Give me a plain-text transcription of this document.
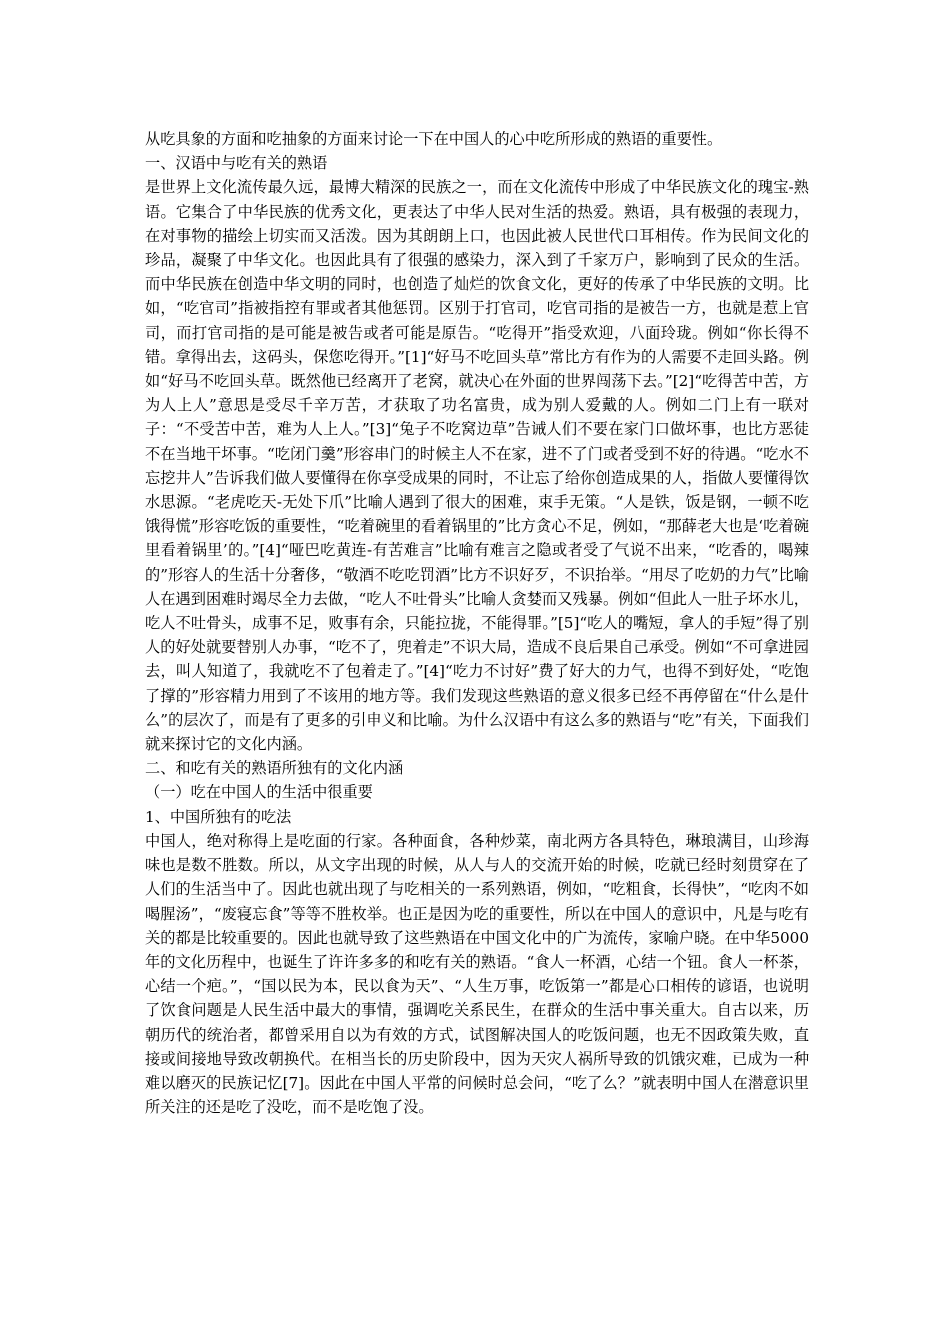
从吃具象的方面和吃抽象的方面来讨论一下在中国人的心中吃所形成的熟语的重要性。

一、汉语中与吃有关的熟语

是世界上文化流传最久远，最博大精深的民族之一，而在文化流传中形成了中华民族文化的瑰宝-熟语。它集合了中华民族的优秀文化，更表达了中华人民对生活的热爱。熟语，具有极强的表现力，在对事物的描绘上切实而又活泼。因为其朗朗上口，也因此被人民世代口耳相传。作为民间文化的珍品，凝聚了中华文化。也因此具有了很强的感染力，深入到了千家万户，影响到了民众的生活。而中华民族在创造中华文明的同时，也创造了灿烂的饮食文化，更好的传承了中华民族的文明。比如，“吃官司”指被指控有罪或者其他惩罚。区别于打官司，吃官司指的是被告一方，也就是惹上官司，而打官司指的是可能是被告或者可能是原告。“吃得开”指受欢迎，八面玲珑。例如“你长得不错。拿得出去，这码头，保您吃得开。”[1]“好马不吃回头草”常比方有作为的人需要不走回头路。例如“好马不吃回头草。既然他已经离开了老窝，就决心在外面的世界闯荡下去。”[2]“吃得苦中苦，方为人上人”意思是受尽千辛万苦，才获取了功名富贵，成为别人爱戴的人。例如二门上有一联对子：“不受苦中苦，难为人上人。”[3]“兔子不吃窝边草”告诫人们不要在家门口做坏事，也比方恶徒不在当地干坏事。“吃闭门羹”形容串门的时候主人不在家，进不了门或者受到不好的待遇。“吃水不忘挖井人”告诉我们做人要懂得在你享受成果的同时，不让忘了给你创造成果的人，指做人要懂得饮水思源。“老虎吃天-无处下爪”比喻人遇到了很大的困难，束手无策。“人是铁，饭是钢，一顿不吃饿得慌”形容吃饭的重要性，“吃着碗里的看着锅里的”比方贪心不足，例如，“那薛老大也是‘吃着碗里看着锅里’的。”[4]“哑巴吃黄连-有苦难言”比喻有难言之隐或者受了气说不出来，“吃香的，喝辣的”形容人的生活十分奢侈，“敬酒不吃吃罚酒”比方不识好歹，不识抬举。“用尽了吃奶的力气”比喻人在遇到困难时竭尽全力去做，“吃人不吐骨头”比喻人贪婪而又残暴。例如“但此人一肚子坏水儿，吃人不吐骨头，成事不足，败事有余，只能拉拢，不能得罪。”[5]“吃人的嘴短，拿人的手短”得了别人的好处就要替别人办事，“吃不了，兜着走”不识大局，造成不良后果自己承受。例如“不可拿进园去，叫人知道了，我就吃不了包着走了。”[4]“吃力不讨好”费了好大的力气，也得不到好处，“吃饱了撑的”形容精力用到了不该用的地方等。我们发现这些熟语的意义很多已经不再停留在“什么是什么”的层次了，而是有了更多的引申义和比喻。为什么汉语中有这么多的熟语与“吃”有关，下面我们就来探讨它的文化内涵。

二、和吃有关的熟语所独有的文化内涵

（一）吃在中国人的生活中很重要

1、中国所独有的吃法

中国人，绝对称得上是吃面的行家。各种面食，各种炒菜，南北两方各具特色，琳琅满目，山珍海味也是数不胜数。所以，从文字出现的时候，从人与人的交流开始的时候，吃就已经时刻贯穿在了人们的生活当中了。因此也就出现了与吃相关的一系列熟语，例如，“吃粗食，长得快”，“吃肉不如喝腥汤”，“废寝忘食”等等不胜枚举。也正是因为吃的重要性，所以在中国人的意识中，凡是与吃有关的都是比较重要的。因此也就导致了这些熟语在中国文化中的广为流传，家喻户晓。在中华5000年的文化历程中，也诞生了许许多多的和吃有关的熟语。“食人一杯酒，心结一个钮。食人一杯茶，心结一个疤。”，“国以民为本，民以食为天”、“人生万事，吃饭第一”都是心口相传的谚语，也说明了饮食问题是人民生活中最大的事情，强调吃关系民生，在群众的生活中事关重大。自古以来，历朝历代的统治者，都曾采用自以为有效的方式，试图解决国人的吃饭问题，也无不因政策失败，直接或间接地导致改朝换代。在相当长的历史阶段中，因为天灾人祸所导致的饥饿灾难，已成为一种难以磨灭的民族记忆[7]。因此在中国人平常的问候时总会问，“吃了么？”就表明中国人在潜意识里所关注的还是吃了没吃，而不是吃饱了没。
